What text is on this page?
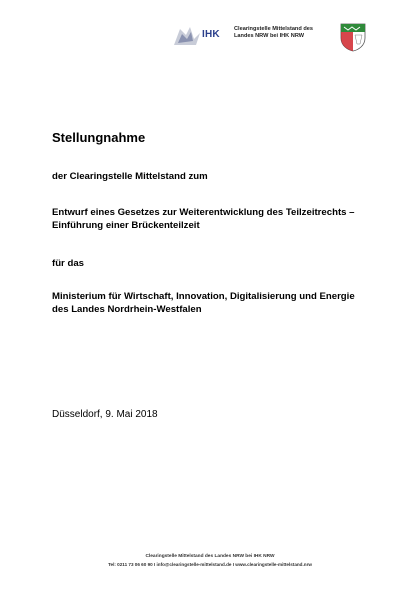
IHK	Clearingstelle Mittelstand des
Landes NRW bei IHK NRW
Stellungnahme
der Clearingstelle Mittelstand zum
Entwurf eines Gesetzes zur Weiterentwicklung des Teilzeitrechts –
Einführung einer Brückenteilzeit
für das
Ministerium für Wirtschaft, Innovation, Digitalisierung und Energie
des Landes Nordrhein-Westfalen
Düsseldorf, 9. Mai 2018
Clearingstelle Mittelstand des Landes NRW bei IHK NRW
Tel: 0211 73 06 60 90 I info@clearingstelle-mittelstand.de I www.clearingstelle-mittelstand.nrw
